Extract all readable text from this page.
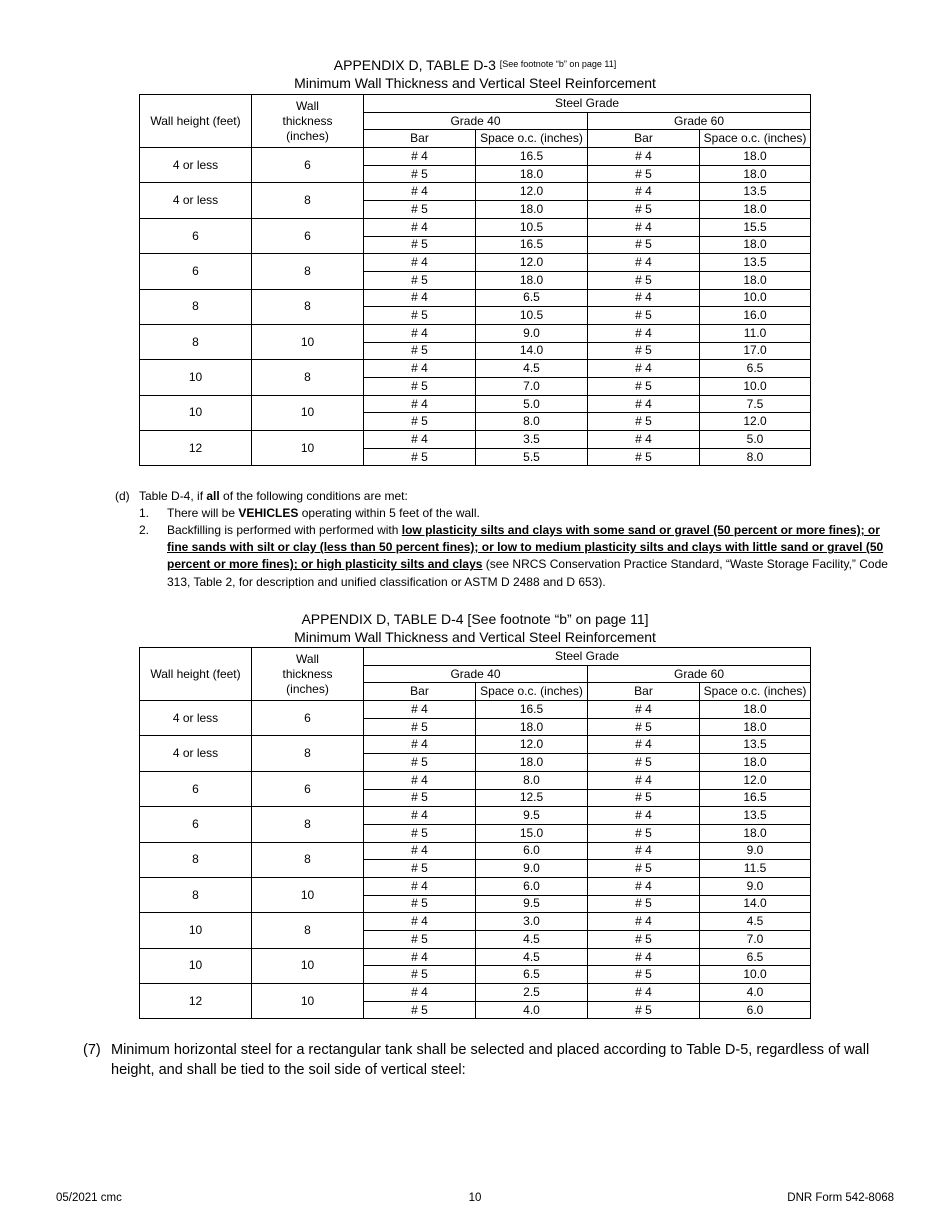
APPENDIX D, TABLE D-3 [See footnote “b” on page 11]
Minimum Wall Thickness and Vertical Steel Reinforcement
Wall height (feet)	Wall thickness (inches)	Steel Grade			
		Grade 40		Grade 60	
		Bar	Space o.c. (inches)	Bar	Space o.c. (inches)
4 or less	6	# 4	16.5	# 4	18.0
		# 5	18.0	# 5	18.0
4 or less	8	# 4	12.0	# 4	13.5
		# 5	18.0	# 5	18.0
6	6	# 4	10.5	# 4	15.5
		# 5	16.5	# 5	18.0
6	8	# 4	12.0	# 4	13.5
		# 5	18.0	# 5	18.0
8	8	# 4	6.5	# 4	10.0
		# 5	10.5	# 5	16.0
8	10	# 4	9.0	# 4	11.0
		# 5	14.0	# 5	17.0
10	8	# 4	4.5	# 4	6.5
		# 5	7.0	# 5	10.0
10	10	# 4	5.0	# 4	7.5
		# 5	8.0	# 5	12.0
12	10	# 4	3.5	# 4	5.0
		# 5	5.5	# 5	8.0
(d) Table D-4, if all of the following conditions are met:
1. There will be VEHICLES operating within 5 feet of the wall.
2. Backfilling is performed with performed with low plasticity silts and clays with some sand or gravel (50 percent or more fines); or fine sands with silt or clay (less than 50 percent fines); or low to medium plasticity silts and clays with little sand or gravel (50 percent or more fines); or high plasticity silts and clays (see NRCS Conservation Practice Standard, “Waste Storage Facility,” Code 313, Table 2, for description and unified classification or ASTM D 2488 and D 653).
APPENDIX D, TABLE D-4 [See footnote “b” on page 11]
Minimum Wall Thickness and Vertical Steel Reinforcement
Wall height (feet)	Wall thickness (inches)	Steel Grade			
		Grade 40		Grade 60	
		Bar	Space o.c. (inches)	Bar	Space o.c. (inches)
4 or less	6	# 4	16.5	# 4	18.0
		# 5	18.0	# 5	18.0
4 or less	8	# 4	12.0	# 4	13.5
		# 5	18.0	# 5	18.0
6	6	# 4	8.0	# 4	12.0
		# 5	12.5	# 5	16.5
6	8	# 4	9.5	# 4	13.5
		# 5	15.0	# 5	18.0
8	8	# 4	6.0	# 4	9.0
		# 5	9.0	# 5	11.5
8	10	# 4	6.0	# 4	9.0
		# 5	9.5	# 5	14.0
10	8	# 4	3.0	# 4	4.5
		# 5	4.5	# 5	7.0
10	10	# 4	4.5	# 4	6.5
		# 5	6.5	# 5	10.0
12	10	# 4	2.5	# 4	4.0
		# 5	4.0	# 5	6.0
(7) Minimum horizontal steel for a rectangular tank shall be selected and placed according to Table D-5, regardless of wall height, and shall be tied to the soil side of vertical steel:
05/2021 cmc	10	DNR Form 542-8068
